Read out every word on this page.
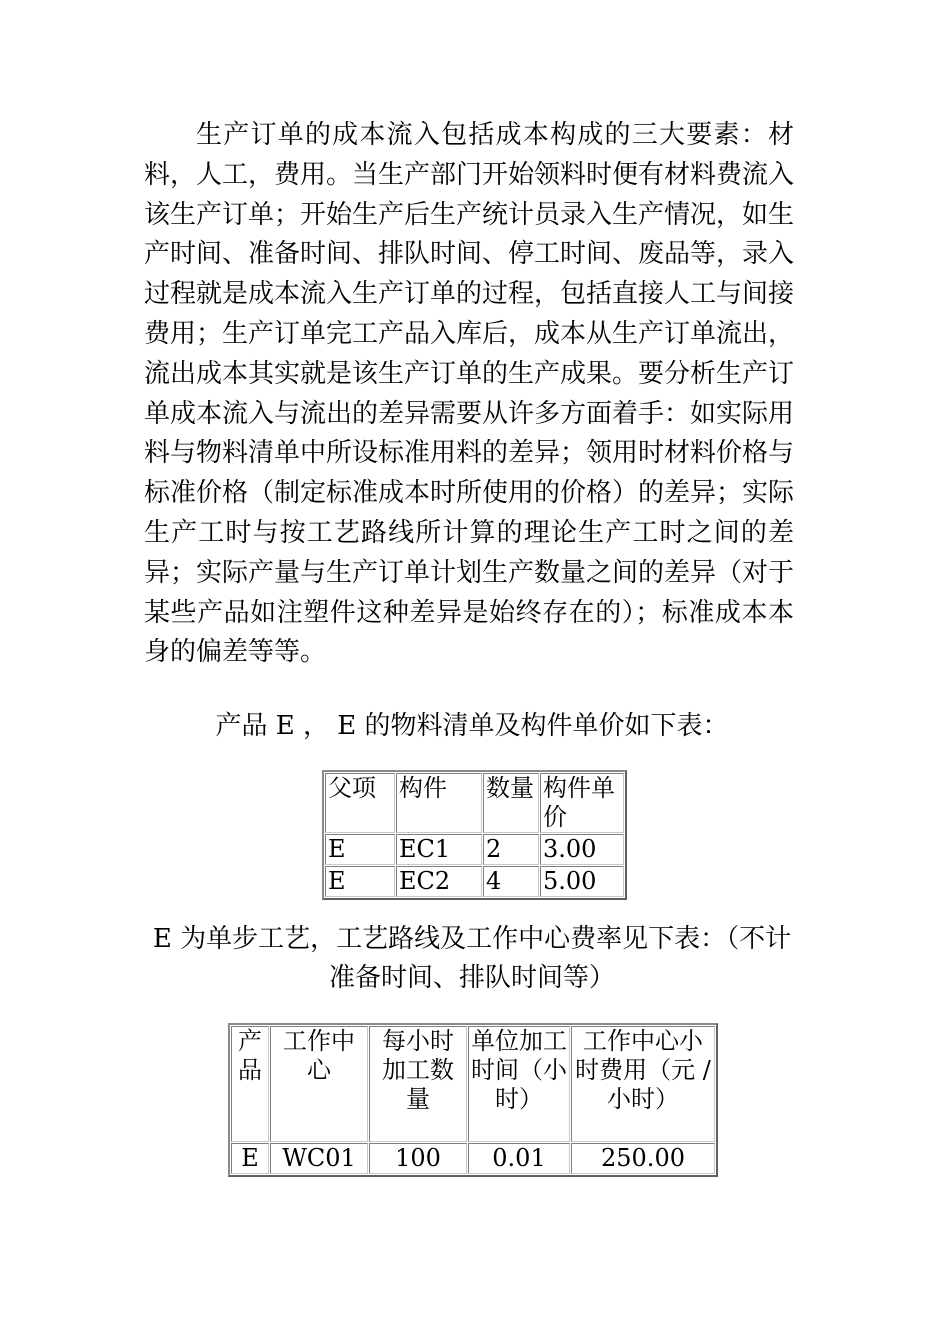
生产订单的成本流入包括成本构成的三大要素：材料，人工，费用。当生产部门开始领料时便有材料费流入该生产订单；开始生产后生产统计员录入生产情况，如生产时间、准备时间、排队时间、停工时间、废品等，录入过程就是成本流入生产订单的过程，包括直接人工与间接费用；生产订单完工产品入库后，成本从生产订单流出，流出成本其实就是该生产订单的生产成果。要分析生产订单成本流入与流出的差异需要从许多方面着手：如实际用料与物料清单中所设标准用料的差异；领用时材料价格与标准价格（制定标准成本时所使用的价格）的差异；实际生产工时与按工艺路线所计算的理论生产工时之间的差异；实际产量与生产订单计划生产数量之间的差异（对于某些产品如注塑件这种差异是始终存在的）；标准成本本身的偏差等等。

产品 E ， E 的物料清单及构件单价如下表：

父项	构件	数量	构件单价
E	EC1	2	3.00
E	EC2	4	5.00

E 为单步工艺，工艺路线及工作中心费率见下表：（不计准备时间、排队时间等）

产品	工作中心	每小时加工数量	单位加工时间（小时）	工作中心小时费用（元 / 小时）
E	WC01	100	0.01	250.00
